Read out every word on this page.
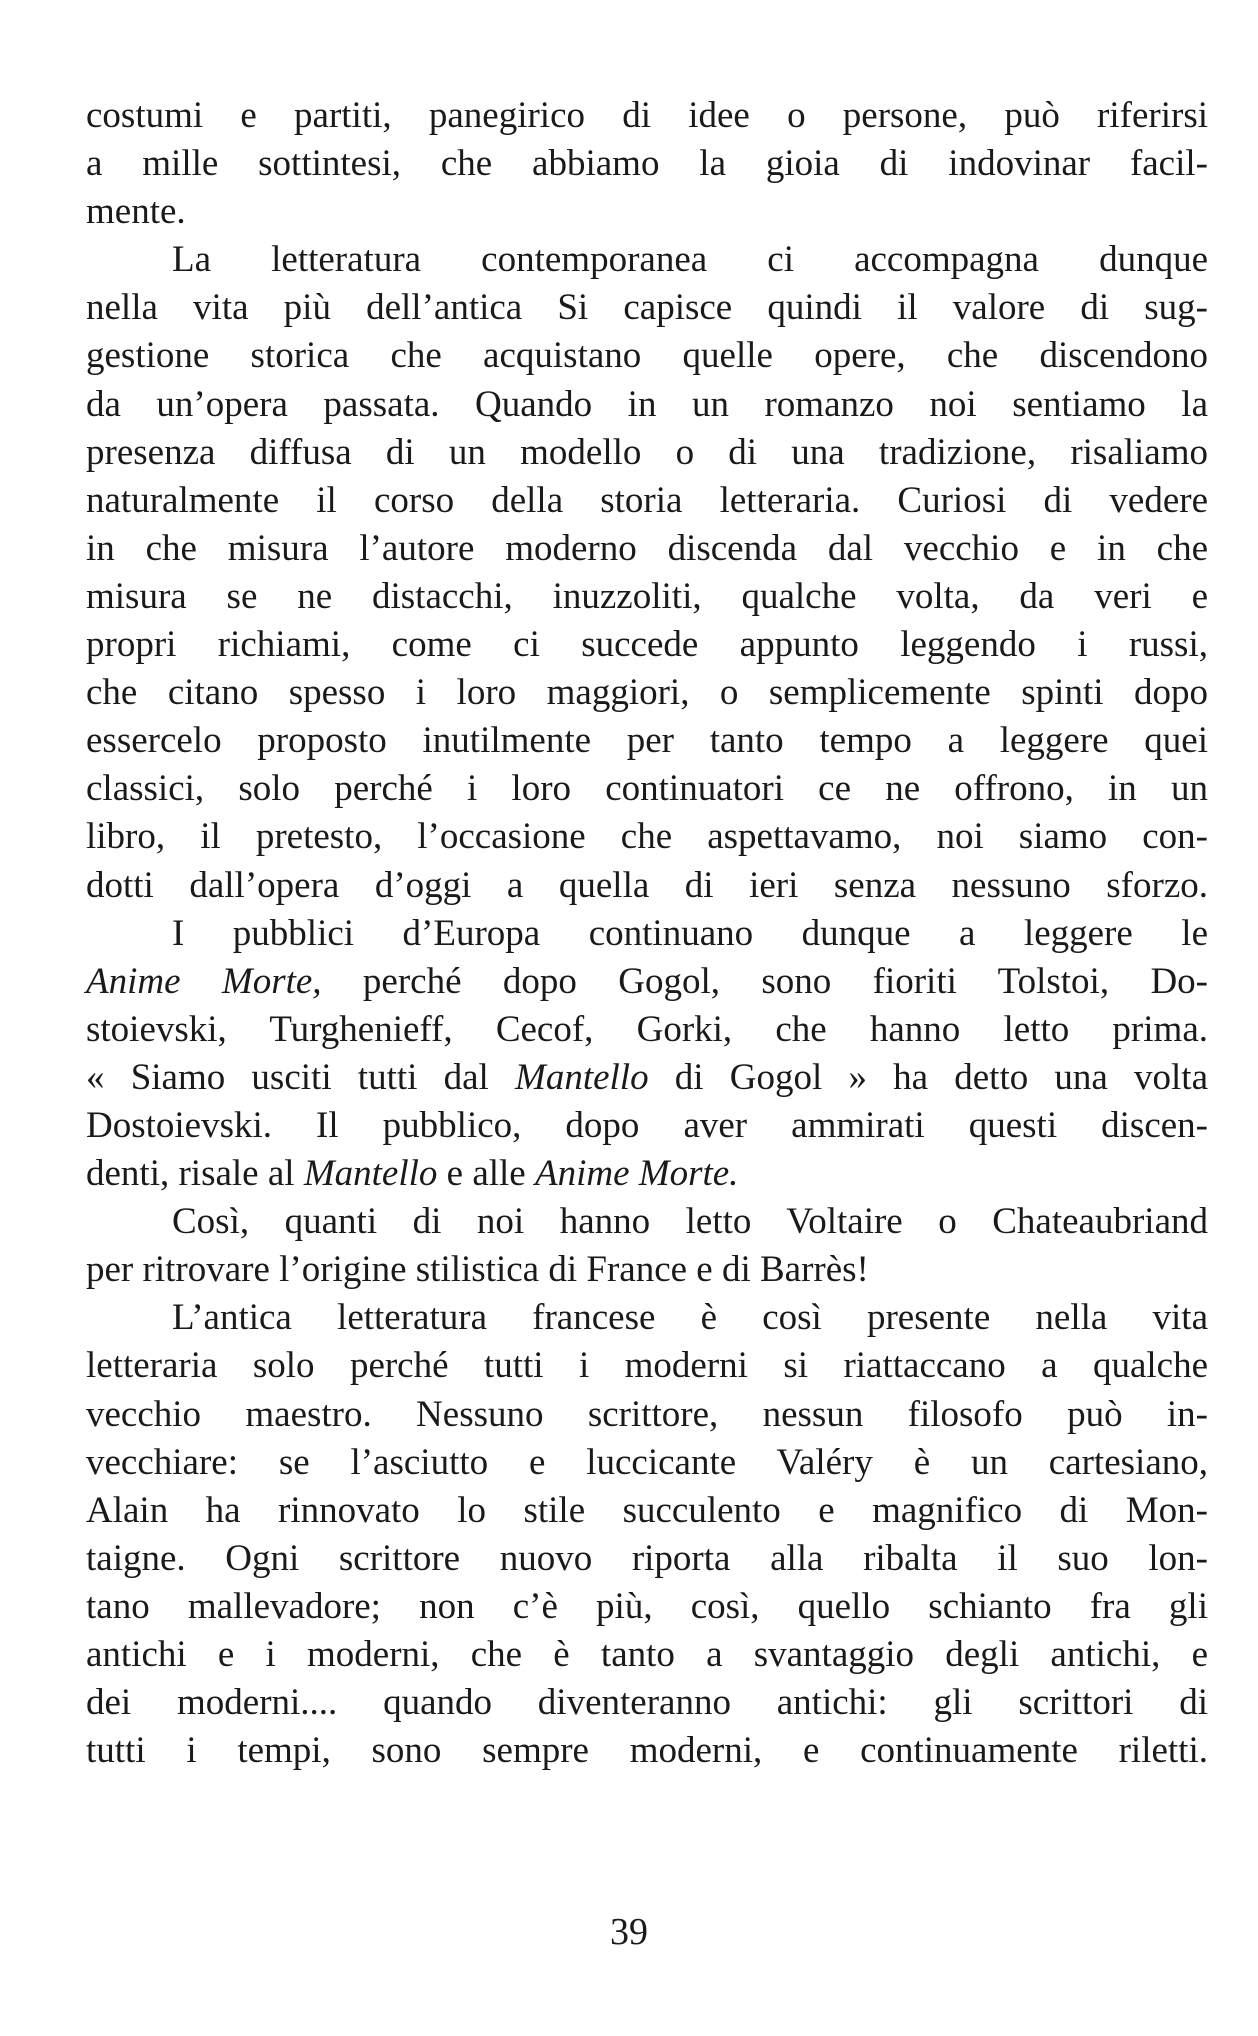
costumi e partiti, panegirico di idee o persone, può riferirsi
a mille sottintesi, che abbiamo la gioia di indovinar facil-
mente.
La letteratura contemporanea ci accompagna dunque
nella vita più dell’antica Si capisce quindi il valore di sug-
gestione storica che acquistano quelle opere, che discendono
da un’opera passata. Quando in un romanzo noi sentiamo la
presenza diffusa di un modello o di una tradizione, risaliamo
naturalmente il corso della storia letteraria. Curiosi di vedere
in che misura l’autore moderno discenda dal vecchio e in che
misura se ne distacchi, inuzzoliti, qualche volta, da veri e
propri richiami, come ci succede appunto leggendo i russi,
che citano spesso i loro maggiori, o semplicemente spinti dopo
essercelo proposto inutilmente per tanto tempo a leggere quei
classici, solo perché i loro continuatori ce ne offrono, in un
libro, il pretesto, l’occasione che aspettavamo, noi siamo con-
dotti dall’opera d’oggi a quella di ieri senza nessuno sforzo.
I pubblici d’Europa continuano dunque a leggere le
Anime Morte, perché dopo Gogol, sono fioriti Tolstoi, Do-
stoievski, Turghenieff, Cecof, Gorki, che hanno letto prima.
« Siamo usciti tutti dal Mantello di Gogol » ha detto una volta
Dostoievski. Il pubblico, dopo aver ammirati questi discen-
denti, risale al Mantello e alle Anime Morte.
Così, quanti di noi hanno letto Voltaire o Chateaubriand
per ritrovare l’origine stilistica di France e di Barrès!
L’antica letteratura francese è così presente nella vita
letteraria solo perché tutti i moderni si riattaccano a qualche
vecchio maestro. Nessuno scrittore, nessun filosofo può in-
vecchiare: se l’asciutto e luccicante Valéry è un cartesiano,
Alain ha rinnovato lo stile succulento e magnifico di Mon-
taigne. Ogni scrittore nuovo riporta alla ribalta il suo lon-
tano mallevadore; non c’è più, così, quello schianto fra gli
antichi e i moderni, che è tanto a svantaggio degli antichi, e
dei moderni.... quando diventeranno antichi: gli scrittori di
tutti i tempi, sono sempre moderni, e continuamente riletti.
39
